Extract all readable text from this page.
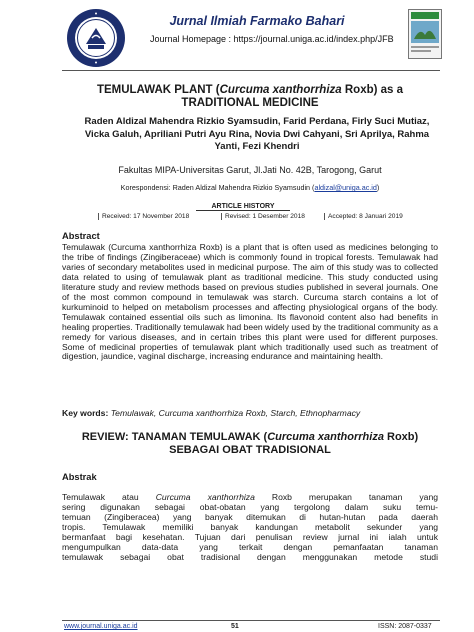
Jurnal Ilmiah Farmako Bahari
Journal Homepage : https://journal.uniga.ac.id/index.php/JFB
TEMULAWAK PLANT (Curcuma xanthorrhiza Roxb) as a TRADITIONAL MEDICINE
Raden Aldizal Mahendra Rizkio Syamsudin, Farid Perdana, Firly Suci Mutiaz, Vicka Galuh, Apriliani Putri Ayu Rina, Novia Dwi Cahyani, Sri Aprilya, Rahma Yanti, Fezi Khendri
Fakultas MIPA-Universitas Garut, Jl.Jati No. 42B, Tarogong, Garut
Korespondensi: Raden Aldizal Mahendra Rizkio Syamsudin (aldizal@uniga.ac.id)
ARTICLE HISTORY
Received: 17 November 2018	Revised: 1 Desember 2018	Accepted: 8 Januari 2019
Abstract
Temulawak (Curcuma xanthorrhiza Roxb) is a plant that is often used as medicines belonging to the tribe of findings (Zingiberaceae) which is commonly found in tropical forests. Temulawak had varies of secondary metabolites used in medicinal purpose. The aim of this study was to collected data related to using of temulawak plant as traditional medicine. This study conducted using literature study and review methods based on previous studies published in several journals. One of the most common compound in temulawak was starch. Curcuma starch contains a lot of kurkuminoid to helped on metabolism processes and affecting physiological organs of the body. Temulawak contained essential oils such as limonina. Its flavonoid content also had benefits in healing properties. Traditionally temulawak had been widely used by the traditional community as a remedy for various diseases, and in certain tribes this plant were used for different purposes. Some of medicinal properties of temulawak plant which traditionally used such as treatment of digestion, jaundice, vaginal discharge, increasing endurance and maintaining health.
Key words: Temulawak, Curcuma xanthorrhiza Roxb, Starch, Ethnopharmacy
REVIEW: TANAMAN TEMULAWAK (Curcuma xanthorrhiza Roxb) SEBAGAI OBAT TRADISIONAL
Abstrak
Temulawak atau Curcuma xanthorrhiza Roxb merupakan tanaman yang
sering digunakan sebagai obat-obatan yang tergolong dalam suku temu-
temuan (Zingiberacea) yang banyak ditemukan di hutan-hutan pada daerah
tropis. Temulawak memiliki banyak kandungan metabolit sekunder yang
bermanfaat bagi kesehatan. Tujuan dari penulisan review jurnal ini ialah untuk
mengumpulkan data-data yang terkait dengan pemanfaatan tanaman
temulawak sebagai obat tradisional dengan menggunakan metode studi
www.journal.uniga.ac.id	51	ISSN: 2087-0337
